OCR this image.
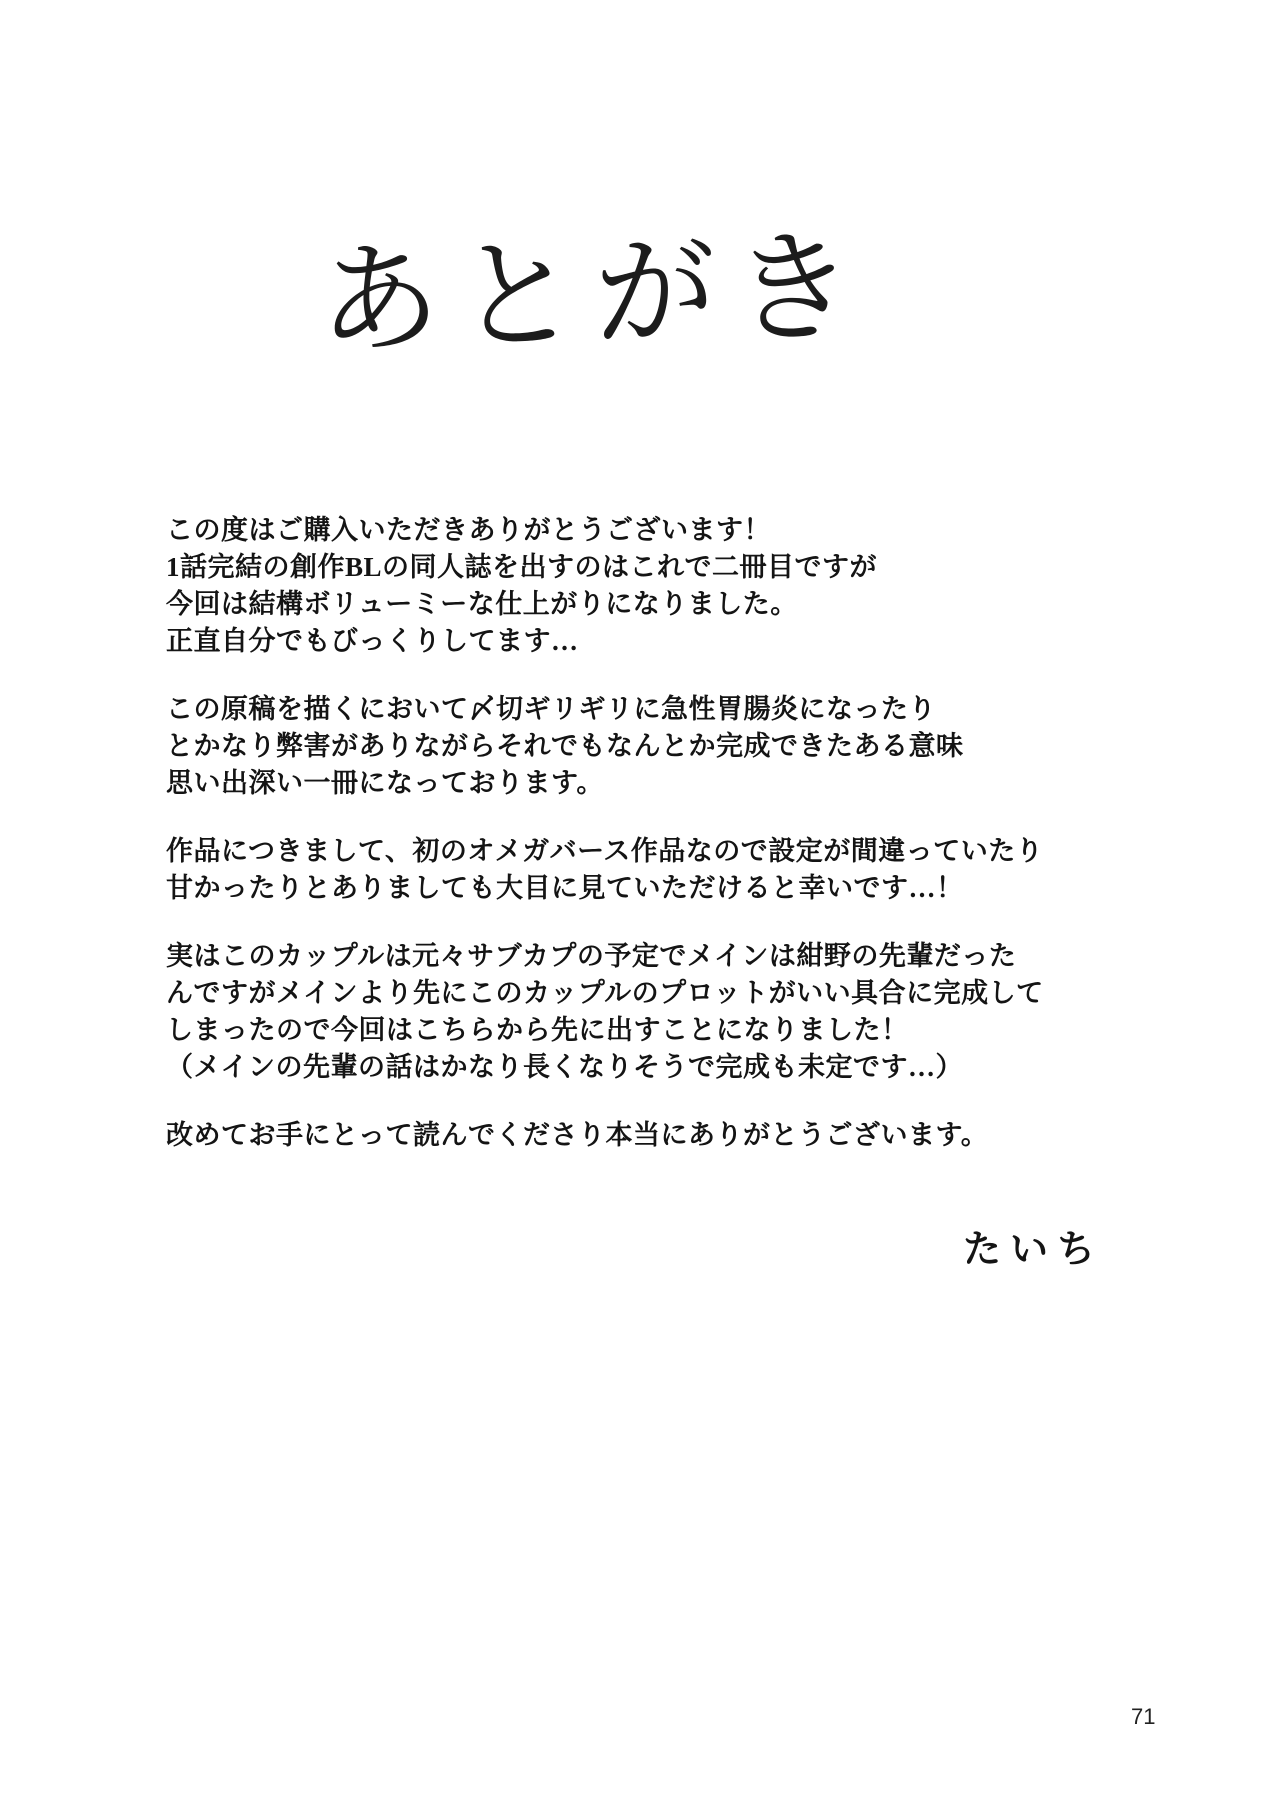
あとがき

この度はご購入いただきありがとうございます！
1話完結の創作BLの同人誌を出すのはこれで二冊目ですが
今回は結構ボリューミーな仕上がりになりました。
正直自分でもびっくりしてます…

この原稿を描くにおいて〆切ギリギリに急性胃腸炎になったり
とかなり弊害がありながらそれでもなんとか完成できたある意味
思い出深い一冊になっております。

作品につきまして、初のオメガバース作品なので設定が間違っていたり
甘かったりとありましても大目に見ていただけると幸いです…！

実はこのカップルは元々サブカプの予定でメインは紺野の先輩だった
んですがメインより先にこのカップルのプロットがいい具合に完成して
しまったので今回はこちらから先に出すことになりました！
（メインの先輩の話はかなり長くなりそうで完成も未定です…）

改めてお手にとって読んでくださり本当にありがとうございます。

たいち
71
